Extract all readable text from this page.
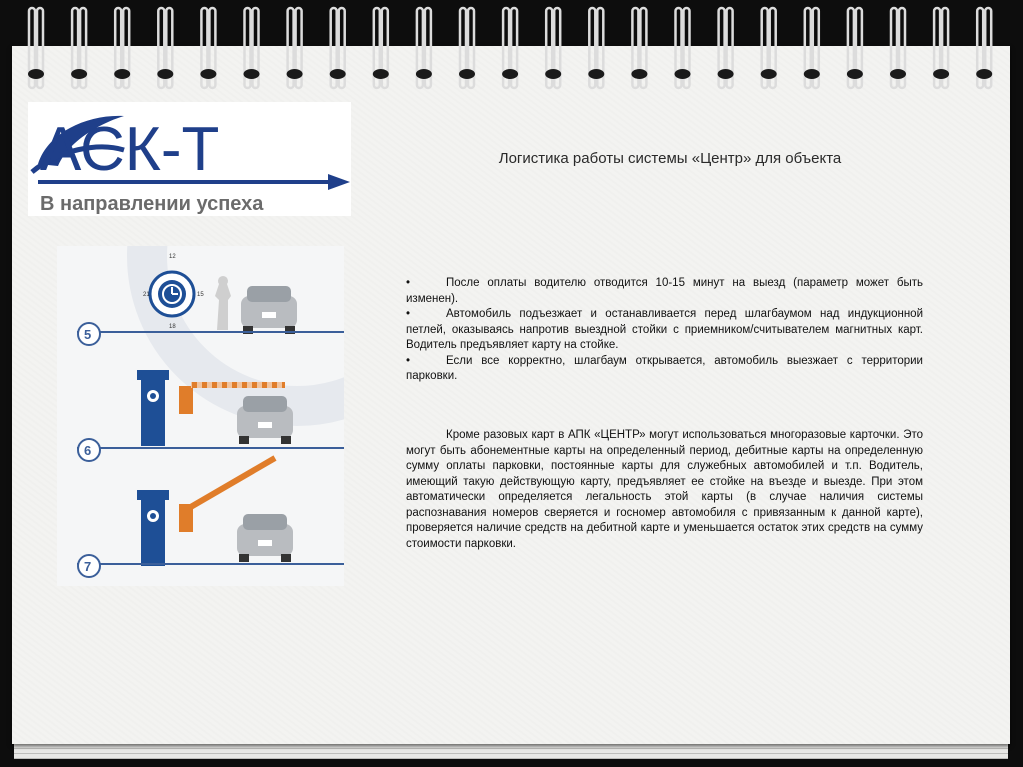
АСК-Т
В направлении успеха
Логистика работы системы «Центр» для объекта
12
15
21
18
5
6
7
•	После оплаты водителю отводится 10-15 минут на выезд (параметр может быть изменен).
•	Автомобиль подъезжает и останавливается перед шлагбаумом над индукционной петлей, оказываясь напротив выездной стойки с приемником/считывателем магнитных карт. Водитель предъявляет карту на стойке.
•	Если все корректно, шлагбаум открывается, автомобиль выезжает с территории парковки.
Кроме разовых карт в АПК «ЦЕНТР» могут использоваться многоразовые карточки. Это могут быть абонементные карты на определенный период, дебитные карты на определенную сумму оплаты парковки, постоянные карты для служебных автомобилей и т.п. Водитель, имеющий такую действующую карту, предъявляет ее стойке на въезде и выезде. При этом автоматически определяется легальность этой карты (в случае наличия системы распознавания номеров сверяется и госномер автомобиля с привязанным к данной карте), проверяется наличие средств на дебитной карте и уменьшается остаток этих средств на сумму стоимости парковки.
